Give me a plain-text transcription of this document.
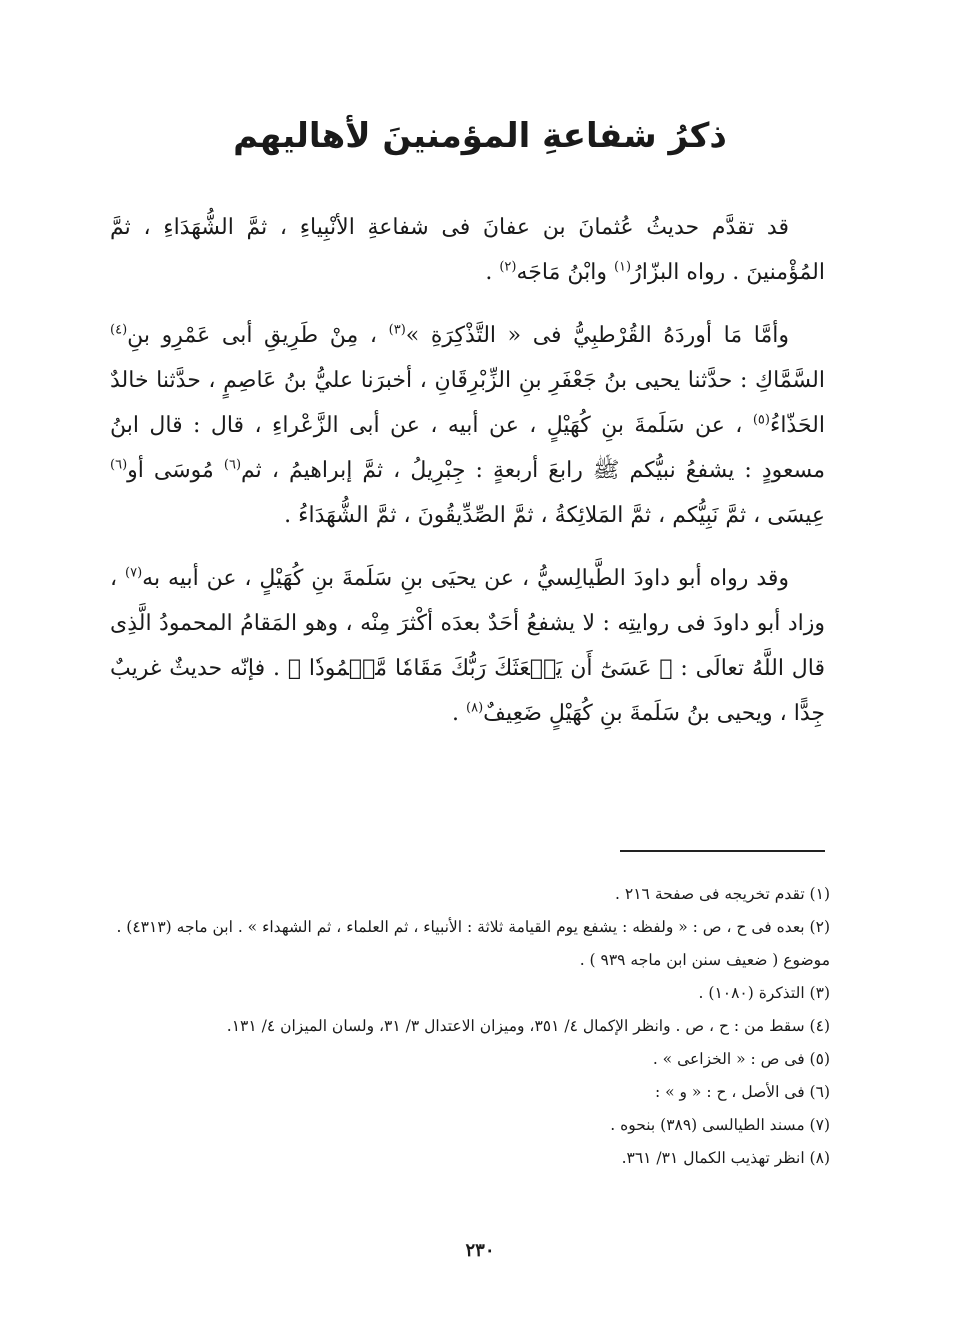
ذكرُ شفاعةِ المؤمنينَ لأهاليهم

قد تقدَّم حديثُ عُثمانَ بن عفانَ فى شفاعةِ الأنْبِياءِ ، ثمَّ الشُّهَدَاءِ ، ثمَّ المُؤْمنينَ . رواه البزّارُ$^{(١)}$ وابْنُ مَاجَه$^{(٢)}$ .

وأمَّا مَا أوردَهُ القُرْطبِيُّ فى « التَّذْكِرَةِ »$^{(٣)}$ ، مِنْ طَرِيقِ أبى عَمْرِو بنِ$^{(٤)}$ السَّمَّاكِ : حدَّثنا يحيى بنُ جَعْفَرِ بنِ الزِّبْرِقَانِ ، أخبرَنا عليُّ بنُ عَاصِمٍ ، حدَّثنا خالدٌ الحَذّاءُ$^{(٥)}$ ، عن سَلَمةَ بنِ كُهَيْلٍ ، عن أبيه ، عن أبى الزَّعْراءِ ، قال : قال ابنُ مسعودٍ : يشفعُ نبيُّكم ﷺ رابعَ أربعةٍ : جِبْرِيلُ ، ثمَّ إبراهيمُ ، ثم$^{(٦)}$ مُوسَى أو$^{(٦)}$ عِيسَى ، ثمَّ نَبِيُّكم ، ثمَّ المَلائِكةُ ، ثمَّ الصِّدِّيقُونَ ، ثمَّ الشُّهَدَاءُ .

وقد رواه أبو داودَ الطَّيالِسيُّ ، عن يحيَى بنِ سَلَمةَ بنِ كُهَيْلٍ ، عن أبيه به$^{(٧)}$ ، وزاد أبو داودَ فى روايتِه : لا يشفعُ أحَدٌ بعدَه أكْثرَ مِنْه ، وهو المَقامُ المحمودُ الَّذِى قال اللَّهُ تعالَى : ﴿ عَسَىٰٓ أَن يَبۡعَثَكَ رَبُّكَ مَقَامٗا مَّحۡمُودٗا ﴾ . فإنّه حديثٌ غريبٌ جِدًّا ، ويحيى بنُ سَلَمةَ بنِ كُهَيْلٍ ضَعِيفٌ$^{(٨)}$ .

(١) تقدم تخريجه فى صفحة ٢١٦ .

(٢) بعده فى ح ، ص : « ولفظه : يشفع يوم القيامة ثلاثة : الأنبياء ، ثم العلماء ، ثم الشهداء » . ابن ماجه (٤٣١٣) . موضوع ( ضعيف سنن ابن ماجه ٩٣٩ ) .

(٣) التذكرة (١٠٨٠) .

(٤) سقط من : ح ، ص . وانظر الإكمال ٤/ ٣٥١، وميزان الاعتدال ٣/ ٣١، ولسان الميزان ٤/ ١٣١.

(٥) فى ص : « الخزاعى » .

(٦) فى الأصل ، ح : « و » :

(٧) مسند الطيالسى (٣٨٩) بنحوه .

(٨) انظر تهذيب الكمال ٣١/ ٣٦١.

٢٣٠
